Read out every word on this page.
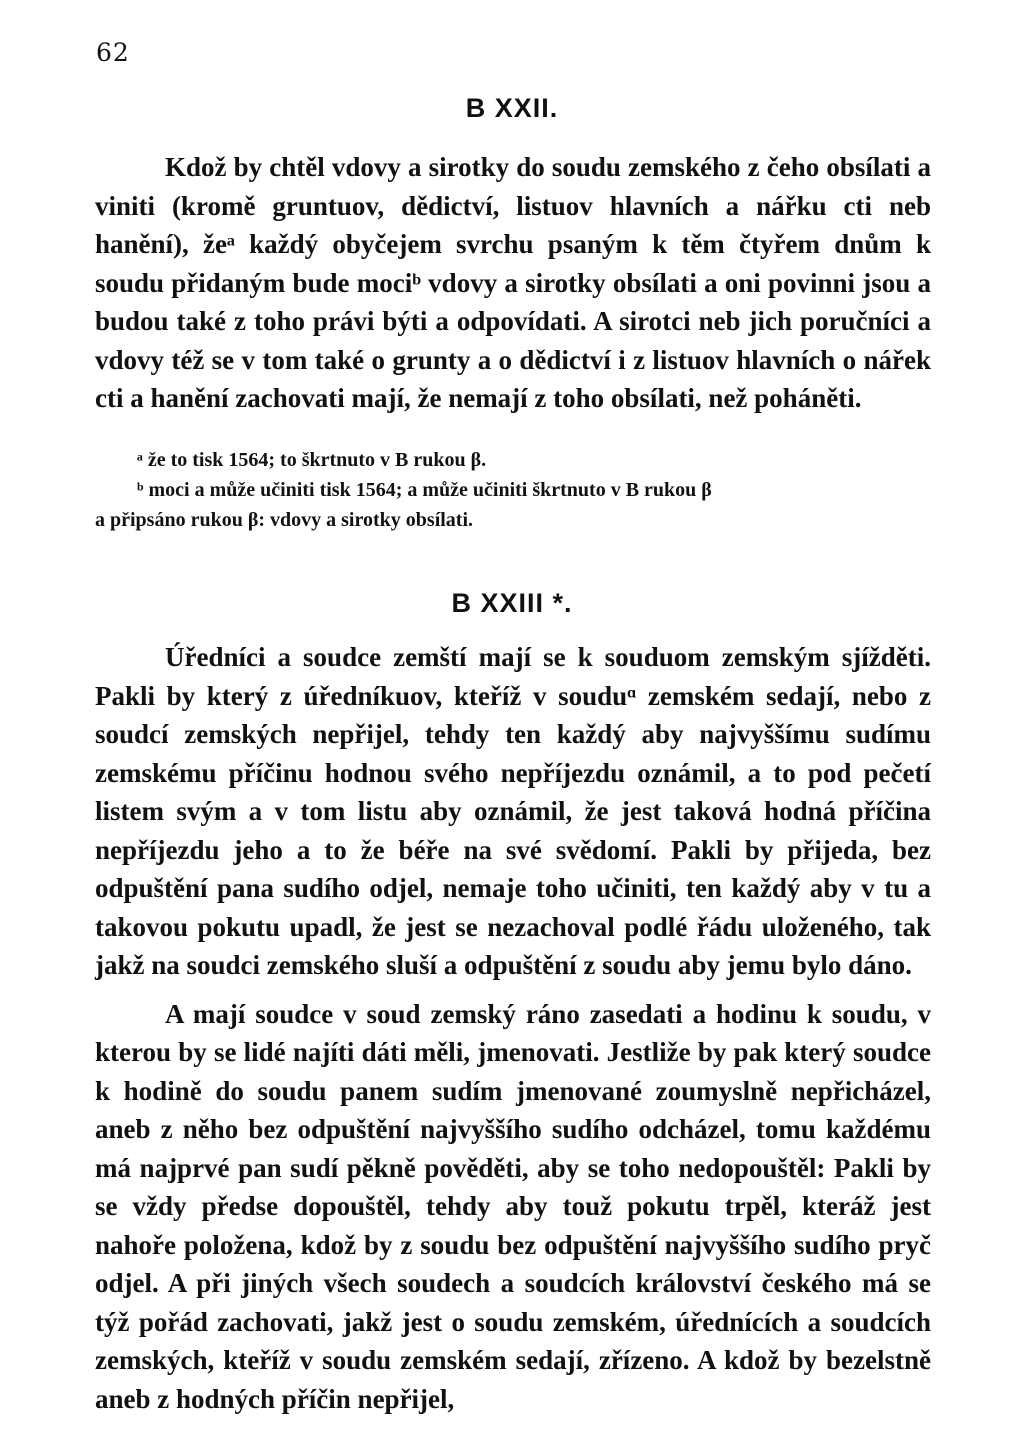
62
B XXII.

Kdož by chtěl vdovy a sirotky do soudu zemského z čeho obsílati a viniti (kromě gruntuov, dědictví, listuov hlavních a nářku cti neb hanění), žeᵃ každý obyčejem svrchu psaným k těm čtyřem dnům k soudu přidaným bude mociᵇ vdovy a sirotky obsílati a oni povinni jsou a budou také z toho právi býti a odpovídati. A sirotci neb jich poručníci a vdovy též se v tom také o grunty a o dědictví i z listuov hlavních o nářek cti a hanění zachovati mají, že nemají z toho obsílati, než poháněti.

ᵃ že to tisk 1564; to škrtnuto v B rukou β.

ᵇ moci a může učiniti tisk 1564; a může učiniti škrtnuto v B rukou β

a připsáno rukou β: vdovy a sirotky obsílati.

B XXIII *.

Úředníci a soudce zemští mají se k souduom zemským sjížděti. Pakli by který z úředníkuov, kteříž v souduᵅ zemském sedají, nebo z soudcí zemských nepřijel, tehdy ten každý aby najvyššímu sudímu zemskému příčinu hodnou svého nepříjezdu oznámil, a to pod pečetí listem svým a v tom listu aby oznámil, že jest taková hodná příčina nepříjezdu jeho a to že béře na své svědomí. Pakli by přijeda, bez odpuštění pana sudího odjel, nemaje toho učiniti, ten každý aby v tu a takovou pokutu upadl, že jest se nezachoval podlé řádu uloženého, tak jakž na soudci zemského sluší a odpuštění z soudu aby jemu bylo dáno.

A mají soudce v soud zemský ráno zasedati a hodinu k soudu, v kterou by se lidé najíti dáti měli, jmenovati. Jestliže by pak který soudce k hodině do soudu panem sudím jmenované zoumyslně nepřicházel, aneb z něho bez odpuštění najvyššího sudího odcházel, tomu každému má najprvé pan sudí pěkně pověděti, aby se toho nedopouštěl: Pakli by se vždy předse dopouštěl, tehdy aby touž pokutu trpěl, kteráž jest nahoře položena, kdož by z soudu bez odpuštění najvyššího sudího pryč odjel. A při jiných všech soudech a soudcích království českého má se týž pořád zachovati, jakž jest o soudu zemském, úřednících a soudcích zemských, kteříž v soudu zemském sedají, zřízeno. A kdož by bezelstně aneb z hodných příčin nepřijel,
